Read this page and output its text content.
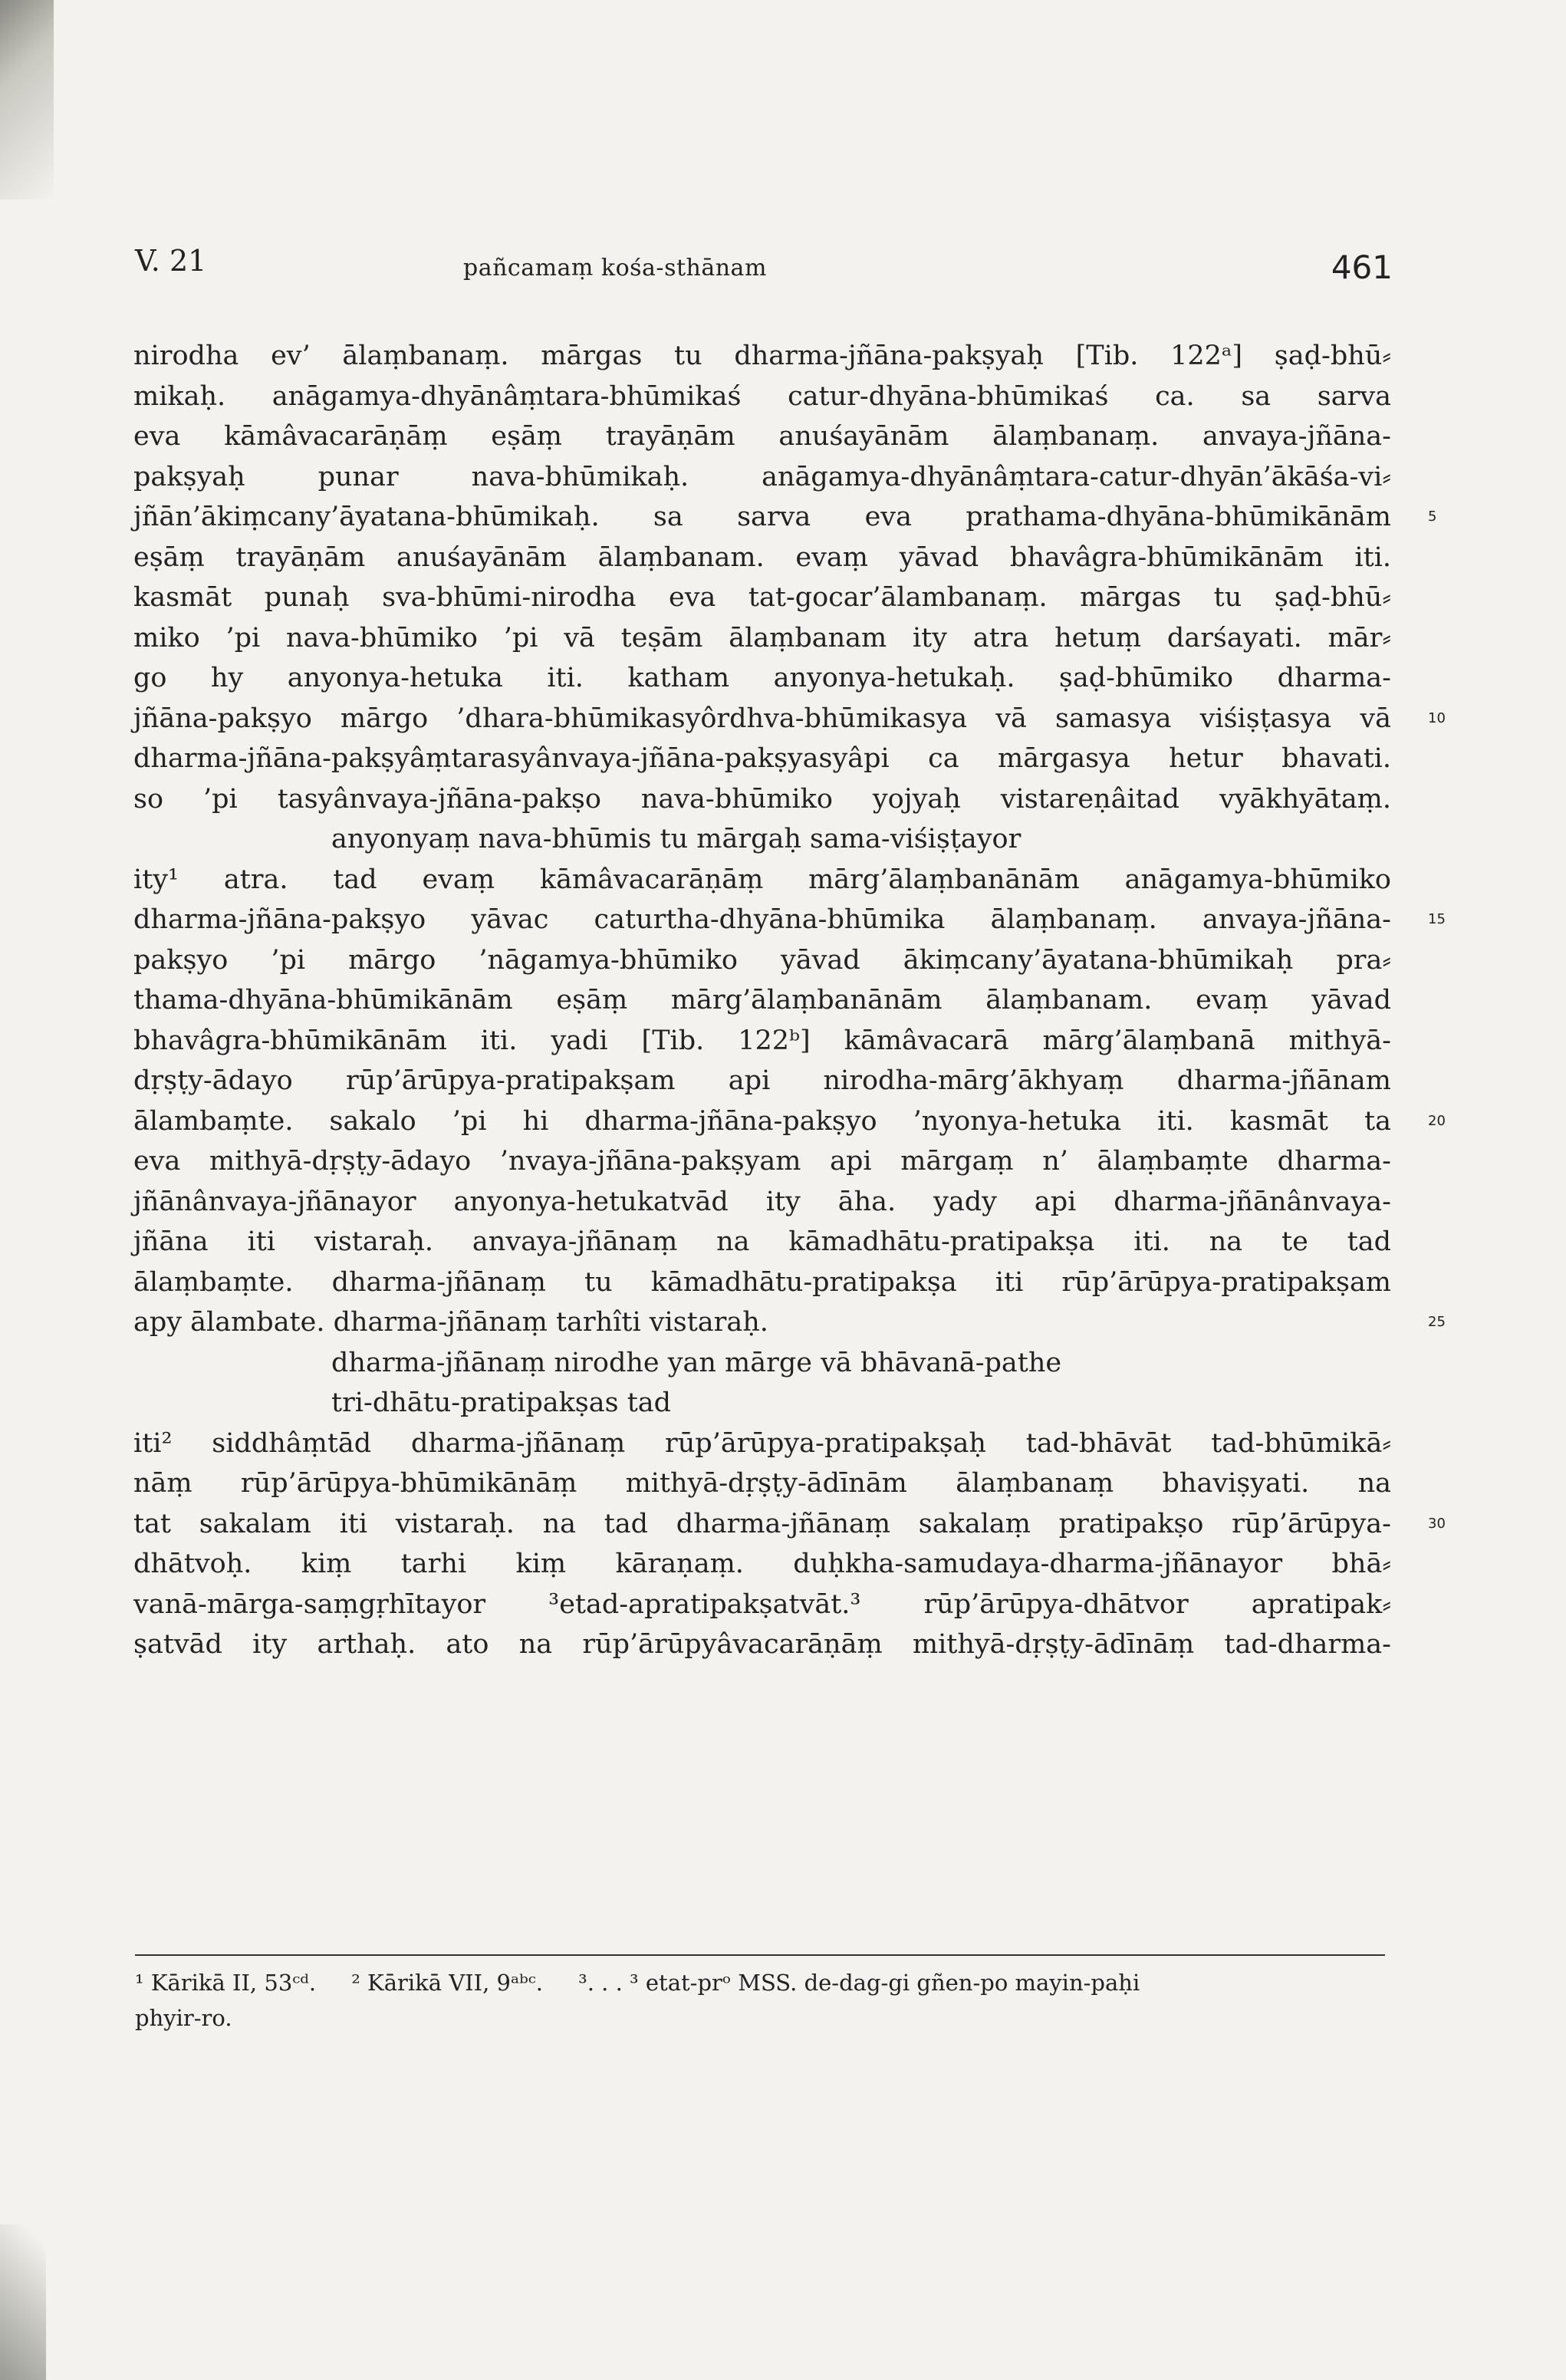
V. 21	pañcamaṃ kośa-sthānam	461
nirodha ev’ ālaṃbanaṃ. mārgas tu dharma-jñāna-pakṣyaḥ [Tib. 122ᵃ] ṣaḍ-bhū⸗
mikaḥ. anāgamya-dhyānâṃtara-bhūmikaś catur-dhyāna-bhūmikaś ca. sa sarva
eva kāmâvacarāṇāṃ eṣāṃ trayāṇām anuśayānām ālaṃbanaṃ. anvaya-jñāna-
pakṣyaḥ punar nava-bhūmikaḥ. anāgamya-dhyānâṃtara-catur-dhyān’ākāśa-vi⸗
jñān’ākiṃcany’āyatana-bhūmikaḥ. sa sarva eva prathama-dhyāna-bhūmikānām	5
eṣāṃ trayāṇām anuśayānām ālaṃbanam. evaṃ yāvad bhavâgra-bhūmikānām iti.
kasmāt punaḥ sva-bhūmi-nirodha eva tat-gocar’ālambanaṃ. mārgas tu ṣaḍ-bhū⸗
miko ’pi nava-bhūmiko ’pi vā teṣām ālaṃbanam ity atra hetuṃ darśayati. mār⸗
go hy anyonya-hetuka iti. katham anyonya-hetukaḥ. ṣaḍ-bhūmiko dharma-
jñāna-pakṣyo mārgo ’dhara-bhūmikasyôrdhva-bhūmikasya vā samasya viśiṣṭasya vā	10
dharma-jñāna-pakṣyâṃtarasyânvaya-jñāna-pakṣyasyâpi ca mārgasya hetur bhavati.
so ’pi tasyânvaya-jñāna-pakṣo nava-bhūmiko yojyaḥ vistareṇâitad vyākhyātaṃ.
anyonyaṃ nava-bhūmis tu mārgaḥ sama-viśiṣṭayor
ity¹ atra. tad evaṃ kāmâvacarāṇāṃ mārg’ālaṃbanānām anāgamya-bhūmiko
dharma-jñāna-pakṣyo yāvac caturtha-dhyāna-bhūmika ālaṃbanaṃ. anvaya-jñāna-	15
pakṣyo ’pi mārgo ’nāgamya-bhūmiko yāvad ākiṃcany’āyatana-bhūmikaḥ pra⸗
thama-dhyāna-bhūmikānām eṣāṃ mārg’ālaṃbanānām ālaṃbanam. evaṃ yāvad
bhavâgra-bhūmikānām iti. yadi [Tib. 122ᵇ] kāmâvacarā mārg’ālaṃbanā mithyā-
dṛṣṭy-ādayo rūp’ārūpya-pratipakṣam api nirodha-mārg’ākhyaṃ dharma-jñānam
ālambaṃte. sakalo ’pi hi dharma-jñāna-pakṣyo ’nyonya-hetuka iti. kasmāt ta	20
eva mithyā-dṛṣṭy-ādayo ’nvaya-jñāna-pakṣyam api mārgaṃ n’ ālaṃbaṃte dharma-
jñānânvaya-jñānayor anyonya-hetukatvād ity āha. yady api dharma-jñānânvaya-
jñāna iti vistaraḥ. anvaya-jñānaṃ na kāmadhātu-pratipakṣa iti. na te tad
ālaṃbaṃte. dharma-jñānaṃ tu kāmadhātu-pratipakṣa iti rūp’ārūpya-pratipakṣam
apy ālambate. dharma-jñānaṃ tarhîti vistaraḥ.	25
dharma-jñānaṃ nirodhe yan mārge vā bhāvanā-pathe
tri-dhātu-pratipakṣas tad
iti² siddhâṃtād dharma-jñānaṃ rūp’ārūpya-pratipakṣaḥ tad-bhāvāt tad-bhūmikā⸗
nāṃ rūp’ārūpya-bhūmikānāṃ mithyā-dṛṣṭy-ādīnām ālaṃbanaṃ bhaviṣyati. na
tat sakalam iti vistaraḥ. na tad dharma-jñānaṃ sakalaṃ pratipakṣo rūp’ārūpya-	30
dhātvoḥ. kiṃ tarhi kiṃ kāraṇaṃ. duḥkha-samudaya-dharma-jñānayor bhā⸗
vanā-mārga-saṃgṛhītayor ³etad-apratipakṣatvāt.³ rūp’ārūpya-dhātvor apratipak⸗
ṣatvād ity arthaḥ. ato na rūp’ārūpyâvacarāṇāṃ mithyā-dṛṣṭy-ādīnāṃ tad-dharma-
¹ Kārikā II, 53ᶜᵈ.     ² Kārikā VII, 9ᵃᵇᶜ.     ³. . . ³ etat-prᵒ MSS. de-dag-gi gñen-po mayin-paḥi
phyir-ro.
